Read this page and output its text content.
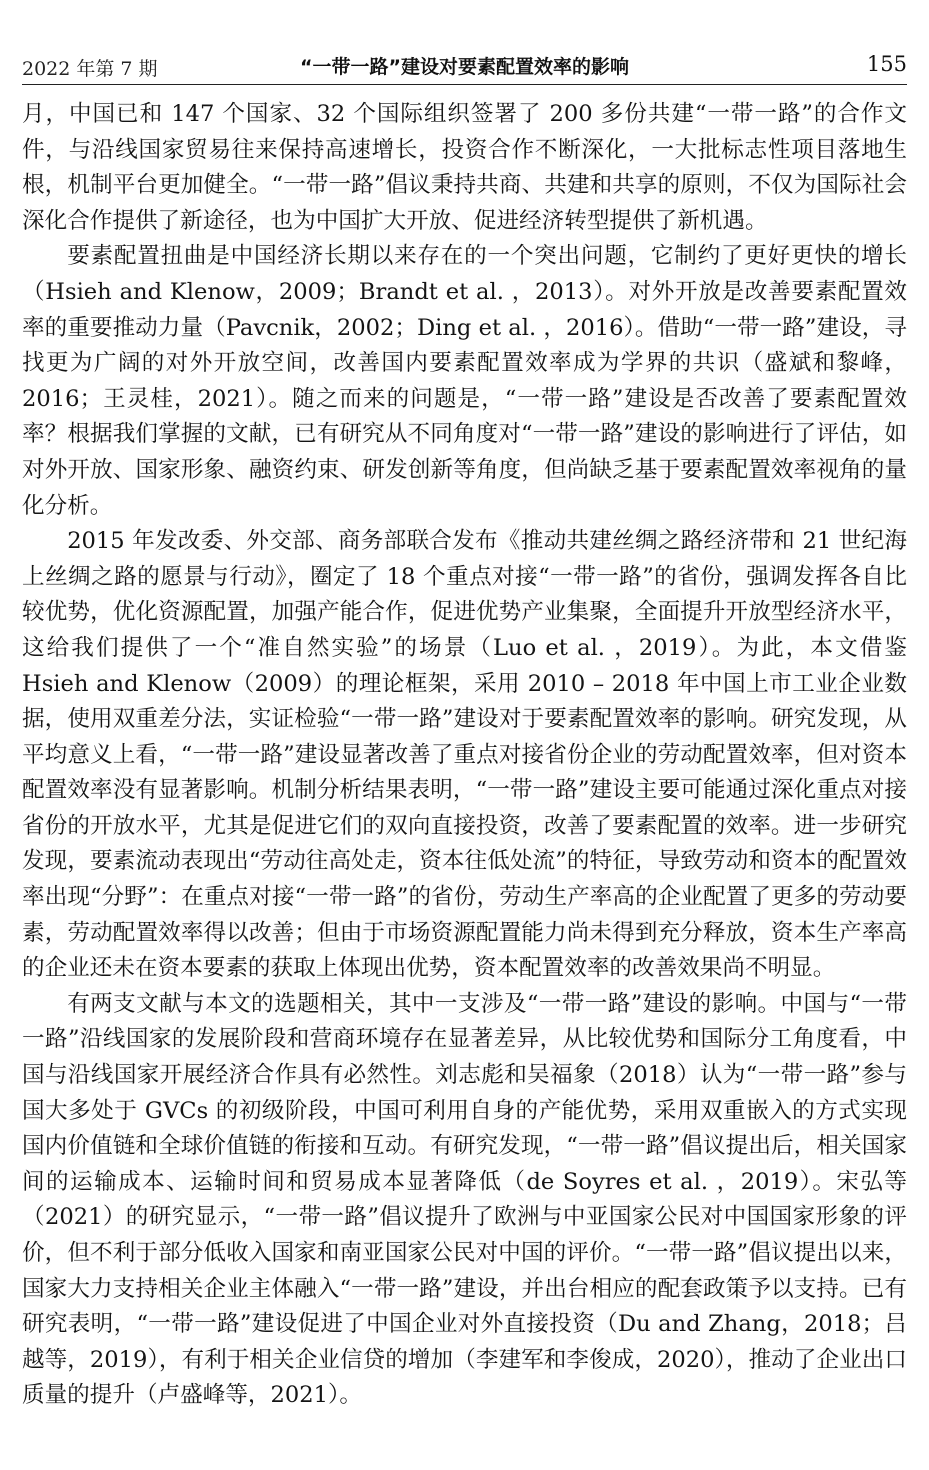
2022 年第 7 期	“一带一路”建设对要素配置效率的影响	155

月，中国已和 147 个国家、32 个国际组织签署了 200 多份共建“一带一路”的合作文件，与沿线国家贸易往来保持高速增长，投资合作不断深化，一大批标志性项目落地生根，机制平台更加健全。“一带一路”倡议秉持共商、共建和共享的原则，不仅为国际社会深化合作提供了新途径，也为中国扩大开放、促进经济转型提供了新机遇。

要素配置扭曲是中国经济长期以来存在的一个突出问题，它制约了更好更快的增长（Hsieh and Klenow，2009；Brandt et al. ，2013）。对外开放是改善要素配置效率的重要推动力量（Pavcnik，2002；Ding et al. ，2016）。借助“一带一路”建设，寻找更为广阔的对外开放空间，改善国内要素配置效率成为学界的共识（盛斌和黎峰，2016；王灵桂，2021）。随之而来的问题是，“一带一路”建设是否改善了要素配置效率？根据我们掌握的文献，已有研究从不同角度对“一带一路”建设的影响进行了评估，如对外开放、国家形象、融资约束、研发创新等角度，但尚缺乏基于要素配置效率视角的量化分析。

2015 年发改委、外交部、商务部联合发布《推动共建丝绸之路经济带和 21 世纪海上丝绸之路的愿景与行动》，圈定了 18 个重点对接“一带一路”的省份，强调发挥各自比较优势，优化资源配置，加强产能合作，促进优势产业集聚，全面提升开放型经济水平，这给我们提供了一个“准自然实验”的场景（Luo et al. ，2019）。为此，本文借鉴 Hsieh and Klenow（2009）的理论框架，采用 2010 – 2018 年中国上市工业企业数据，使用双重差分法，实证检验“一带一路”建设对于要素配置效率的影响。研究发现，从平均意义上看，“一带一路”建设显著改善了重点对接省份企业的劳动配置效率，但对资本配置效率没有显著影响。机制分析结果表明，“一带一路”建设主要可能通过深化重点对接省份的开放水平，尤其是促进它们的双向直接投资，改善了要素配置的效率。进一步研究发现，要素流动表现出“劳动往高处走，资本往低处流”的特征，导致劳动和资本的配置效率出现“分野”：在重点对接“一带一路”的省份，劳动生产率高的企业配置了更多的劳动要素，劳动配置效率得以改善；但由于市场资源配置能力尚未得到充分释放，资本生产率高的企业还未在资本要素的获取上体现出优势，资本配置效率的改善效果尚不明显。

有两支文献与本文的选题相关，其中一支涉及“一带一路”建设的影响。中国与“一带一路”沿线国家的发展阶段和营商环境存在显著差异，从比较优势和国际分工角度看，中国与沿线国家开展经济合作具有必然性。刘志彪和吴福象（2018）认为“一带一路”参与国大多处于 GVCs 的初级阶段，中国可利用自身的产能优势，采用双重嵌入的方式实现国内价值链和全球价值链的衔接和互动。有研究发现，“一带一路”倡议提出后，相关国家间的运输成本、运输时间和贸易成本显著降低（de Soyres et al. ，2019）。宋弘等（2021）的研究显示，“一带一路”倡议提升了欧洲与中亚国家公民对中国国家形象的评价，但不利于部分低收入国家和南亚国家公民对中国的评价。“一带一路”倡议提出以来，国家大力支持相关企业主体融入“一带一路”建设，并出台相应的配套政策予以支持。已有研究表明，“一带一路”建设促进了中国企业对外直接投资（Du and Zhang，2018；吕越等，2019），有利于相关企业信贷的增加（李建军和李俊成，2020），推动了企业出口质量的提升（卢盛峰等，2021）。
